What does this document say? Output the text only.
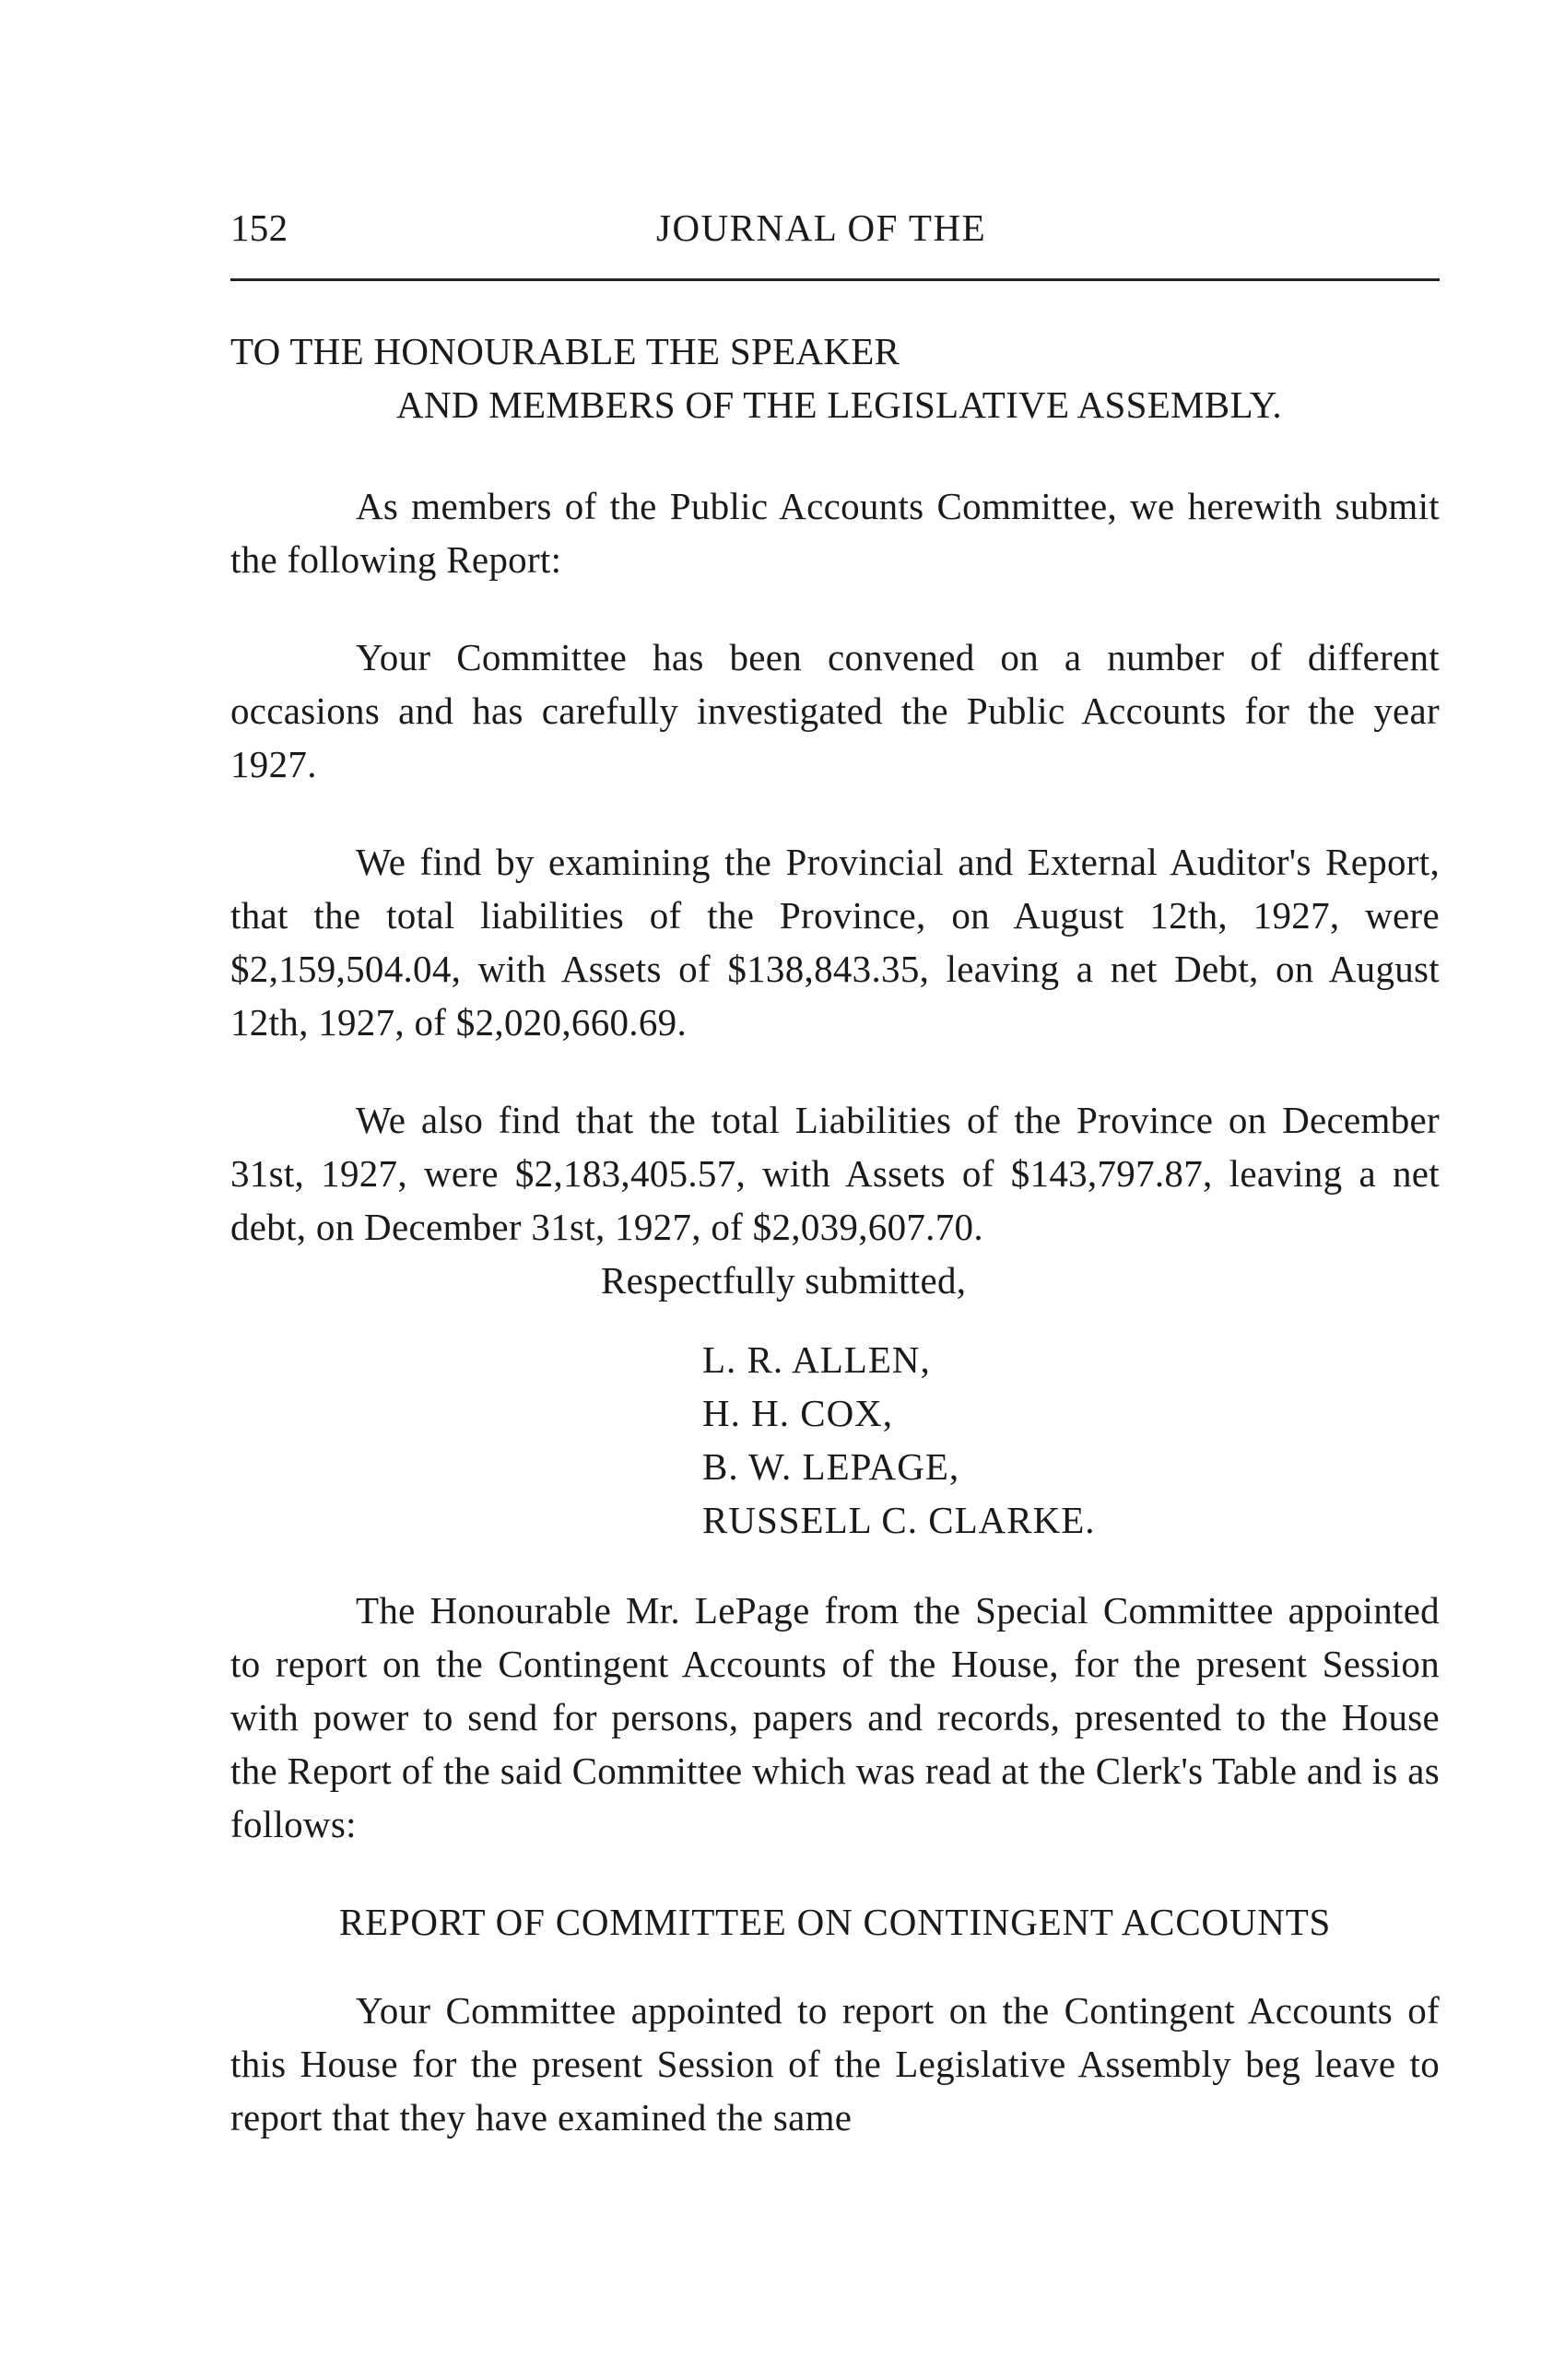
152	JOURNAL OF THE
TO THE HONOURABLE THE SPEAKER
AND MEMBERS OF THE LEGISLATIVE ASSEMBLY.

As members of the Public Accounts Committee, we herewith submit the following Report:

Your Committee has been convened on a number of different occasions and has carefully investigated the Public Accounts for the year 1927.

We find by examining the Provincial and External Auditor's Report, that the total liabilities of the Province, on August 12th, 1927, were $2,159,504.04, with Assets of $138,843.35, leaving a net Debt, on August 12th, 1927, of $2,020,660.69.

We also find that the total Liabilities of the Province on December 31st, 1927, were $2,183,405.57, with Assets of $143,797.87, leaving a net debt, on December 31st, 1927, of $2,039,607.70.

Respectfully submitted,
L. R. ALLEN,
H. H. COX,
B. W. LEPAGE,
RUSSELL C. CLARKE.

The Honourable Mr. LePage from the Special Committee appointed to report on the Contingent Accounts of the House, for the present Session with power to send for persons, papers and records, presented to the House the Report of the said Committee which was read at the Clerk's Table and is as follows:

REPORT OF COMMITTEE ON CONTINGENT ACCOUNTS

Your Committee appointed to report on the Contingent Accounts of this House for the present Session of the Legislative Assembly beg leave to report that they have examined the same
